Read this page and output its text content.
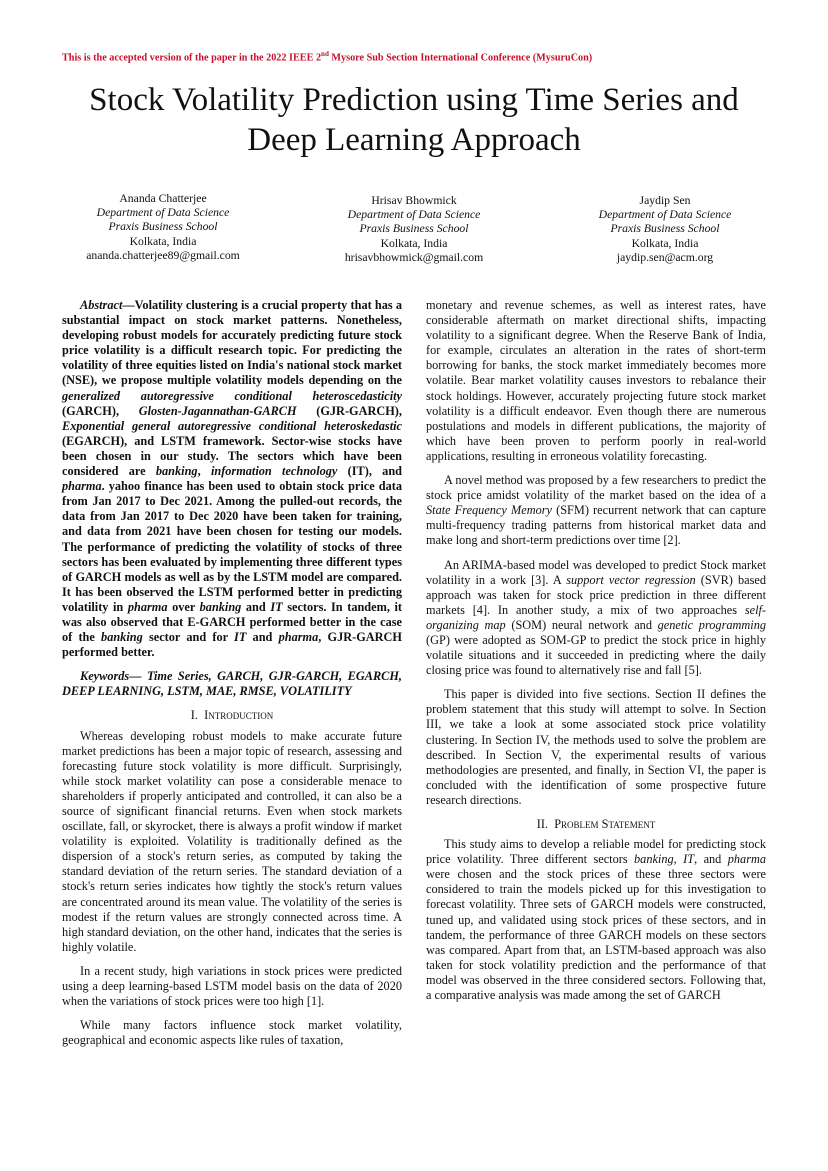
This is the accepted version of the paper in the 2022 IEEE 2nd Mysore Sub Section International Conference (MysuruCon)
Stock Volatility Prediction using Time Series and
Deep Learning Approach
Ananda Chatterjee
Department of Data Science
Praxis Business School
Kolkata, India
ananda.chatterjee89@gmail.com
Hrisav Bhowmick
Department of Data Science
Praxis Business School
Kolkata, India
hrisavbhowmick@gmail.com
Jaydip Sen
Department of Data Science
Praxis Business School
Kolkata, India
jaydip.sen@acm.org

Abstract—Volatility clustering is a crucial property that has a substantial impact on stock market patterns. Nonetheless, developing robust models for accurately predicting future stock price volatility is a difficult research topic. For predicting the volatility of three equities listed on India's national stock market (NSE), we propose multiple volatility models depending on the generalized autoregressive conditional heteroscedasticity (GARCH), Glosten-Jagannathan-GARCH (GJR-GARCH), Exponential general autoregressive conditional heteroskedastic (EGARCH), and LSTM framework. Sector-wise stocks have been chosen in our study. The sectors which have been considered are banking, information technology (IT), and pharma. yahoo finance has been used to obtain stock price data from Jan 2017 to Dec 2021. Among the pulled-out records, the data from Jan 2017 to Dec 2020 have been taken for training, and data from 2021 have been chosen for testing our models. The performance of predicting the volatility of stocks of three sectors has been evaluated by implementing three different types of GARCH models as well as by the LSTM model are compared. It has been observed the LSTM performed better in predicting volatility in pharma over banking and IT sectors. In tandem, it was also observed that E-GARCH performed better in the case of the banking sector and for IT and pharma, GJR-GARCH performed better.

Keywords— Time Series, GARCH, GJR-GARCH, EGARCH, DEEP LEARNING, LSTM, MAE, RMSE, VOLATILITY

I. Introduction

Whereas developing robust models to make accurate future market predictions has been a major topic of research, assessing and forecasting future stock volatility is more difficult. Surprisingly, while stock market volatility can pose a considerable menace to shareholders if properly anticipated and controlled, it can also be a source of significant financial returns. Even when stock markets oscillate, fall, or skyrocket, there is always a profit window if market volatility is exploited. Volatility is traditionally defined as the dispersion of a stock's return series, as computed by taking the standard deviation of the return series. The standard deviation of a stock's return series indicates how tightly the stock's return values are concentrated around its mean value. The volatility of the series is modest if the return values are strongly connected across time. A high standard deviation, on the other hand, indicates that the series is highly volatile.

In a recent study, high variations in stock prices were predicted using a deep learning-based LSTM model basis on the data of 2020 when the variations of stock prices were too high [1].

While many factors influence stock market volatility, geographical and economic aspects like rules of taxation,

monetary and revenue schemes, as well as interest rates, have considerable aftermath on market directional shifts, impacting volatility to a significant degree. When the Reserve Bank of India, for example, circulates an alteration in the rates of short-term borrowing for banks, the stock market immediately becomes more volatile. Bear market volatility causes investors to rebalance their stock holdings. However, accurately projecting future stock market volatility is a difficult endeavor. Even though there are numerous postulations and models in different publications, the majority of which have been proven to perform poorly in real-world applications, resulting in erroneous volatility forecasting.

A novel method was proposed by a few researchers to predict the stock price amidst volatility of the market based on the idea of a State Frequency Memory (SFM) recurrent network that can capture multi-frequency trading patterns from historical market data and make long and short-term predictions over time [2].

An ARIMA-based model was developed to predict Stock market volatility in a work [3]. A support vector regression (SVR) based approach was taken for stock price prediction in three different markets [4]. In another study, a mix of two approaches self-organizing map (SOM) neural network and genetic programming (GP) were adopted as SOM-GP to predict the stock price in highly volatile situations and it succeeded in predicting where the daily closing price was found to alternatively rise and fall [5].

This paper is divided into five sections. Section II defines the problem statement that this study will attempt to solve. In Section III, we take a look at some associated stock price volatility clustering. In Section IV, the methods used to solve the problem are described. In Section V, the experimental results of various methodologies are presented, and finally, in Section VI, the paper is concluded with the identification of some prospective future research directions.

II. Problem Statement

This study aims to develop a reliable model for predicting stock price volatility. Three different sectors banking, IT, and pharma were chosen and the stock prices of these three sectors were considered to train the models picked up for this investigation to forecast volatility. Three sets of GARCH models were constructed, tuned up, and validated using stock prices of these sectors, and in tandem, the performance of three GARCH models on these sectors was compared. Apart from that, an LSTM-based approach was also taken for stock volatility prediction and the performance of that model was observed in the three considered sectors. Following that, a comparative analysis was made among the set of GARCH
